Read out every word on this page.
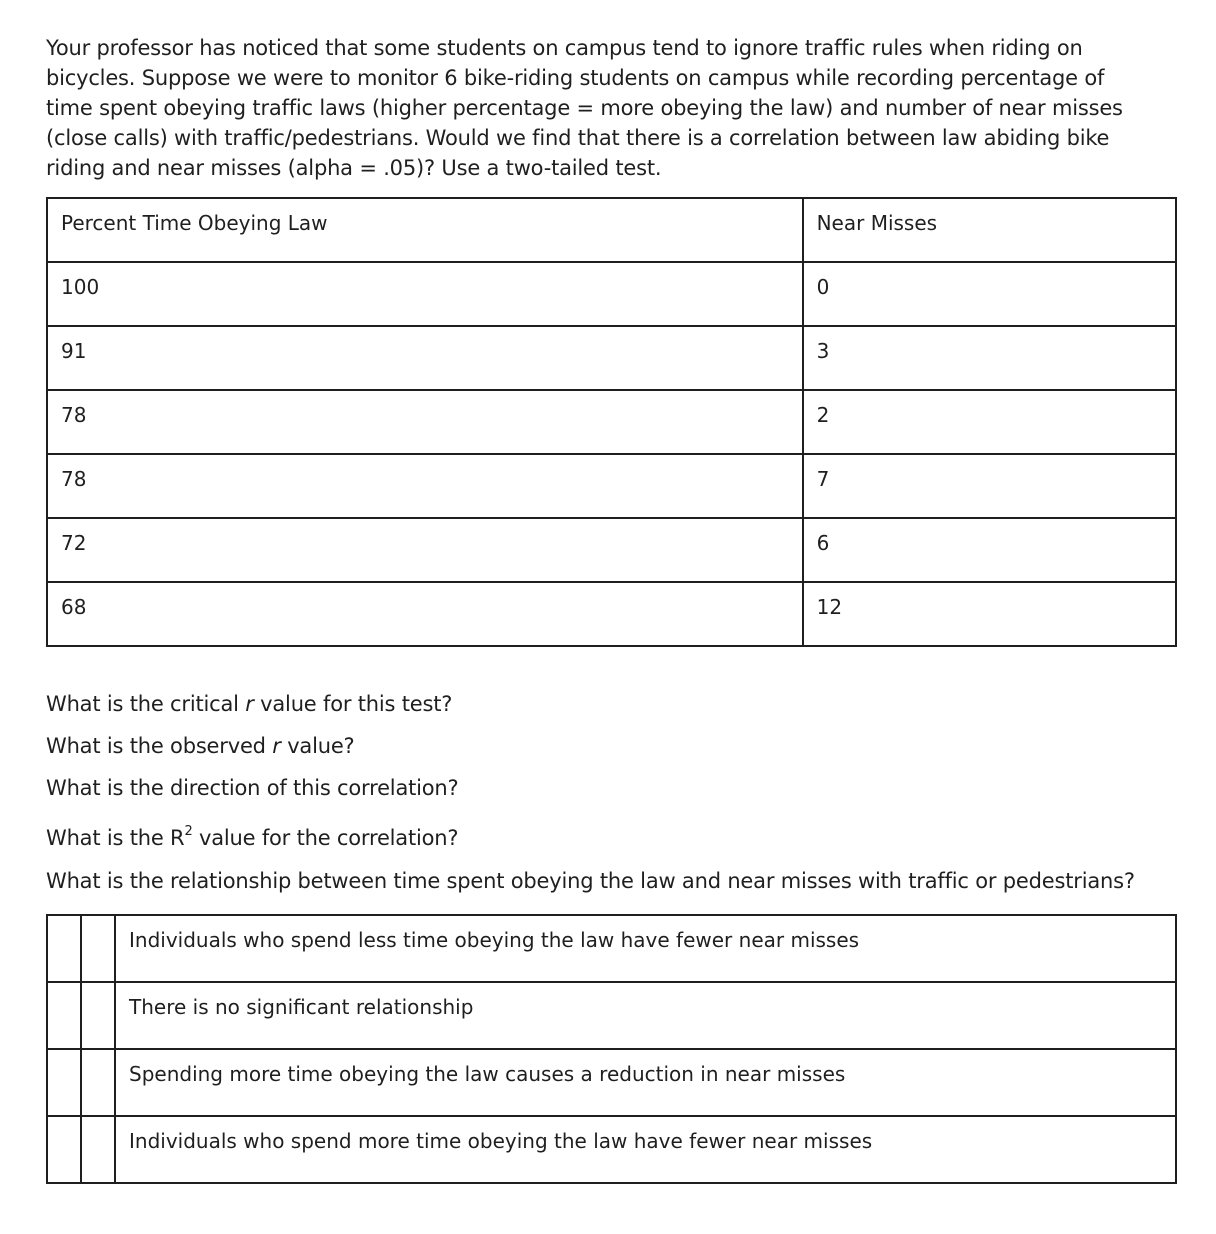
Your professor has noticed that some students on campus tend to ignore traffic rules when riding on bicycles. Suppose we were to monitor 6 bike-riding students on campus while recording percentage of time spent obeying traffic laws (higher percentage = more obeying the law) and number of near misses (close calls) with traffic/pedestrians. Would we find that there is a correlation between law abiding bike riding and near misses (alpha = .05)? Use a two-tailed test.
Percent Time Obeying Law	Near Misses
100	0
91	3
78	2
78	7
72	6
68	12
What is the critical r value for this test?
What is the observed r value?
What is the direction of this correlation?
What is the $R^2$ value for the correlation?
What is the relationship between time spent obeying the law and near misses with traffic or pedestrians?
		Individuals who spend less time obeying the law have fewer near misses
		There is no significant relationship
		Spending more time obeying the law causes a reduction in near misses
		Individuals who spend more time obeying the law have fewer near misses
